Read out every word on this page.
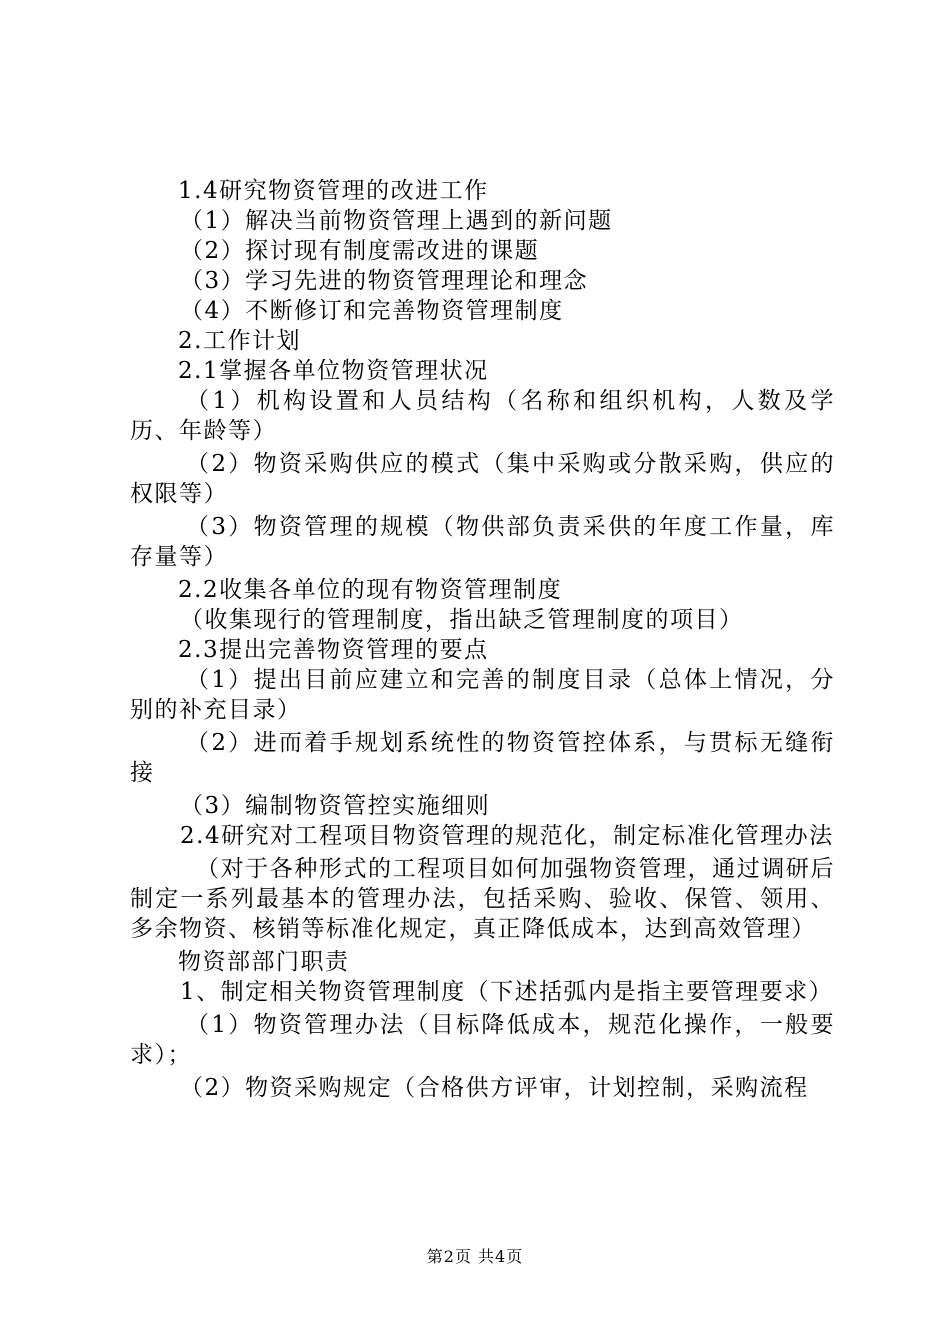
1.4研究物资管理的改进工作

（1）解决当前物资管理上遇到的新问题

（2）探讨现有制度需改进的课题

（3）学习先进的物资管理理论和理念

（4）不断修订和完善物资管理制度

2.工作计划

2.1掌握各单位物资管理状况

（1）机构设置和人员结构（名称和组织机构，人数及学历、年龄等）

（2）物资采购供应的模式（集中采购或分散采购，供应的权限等）

（3）物资管理的规模（物供部负责采供的年度工作量，库存量等）

2.2收集各单位的现有物资管理制度

（收集现行的管理制度，指出缺乏管理制度的项目）

2.3提出完善物资管理的要点

（1）提出目前应建立和完善的制度目录（总体上情况，分别的补充目录）

（2）进而着手规划系统性的物资管控体系，与贯标无缝衔接

（3）编制物资管控实施细则

2.4研究对工程项目物资管理的规范化，制定标准化管理办法

（对于各种形式的工程项目如何加强物资管理，通过调研后制定一系列最基本的管理办法，包括采购、验收、保管、领用、多余物资、核销等标准化规定，真正降低成本，达到高效管理）

物资部部门职责

1、制定相关物资管理制度（下述括弧内是指主要管理要求）

（1）物资管理办法（目标降低成本，规范化操作，一般要求）；

（2）物资采购规定（合格供方评审，计划控制，采购流程

第2页 共4页
